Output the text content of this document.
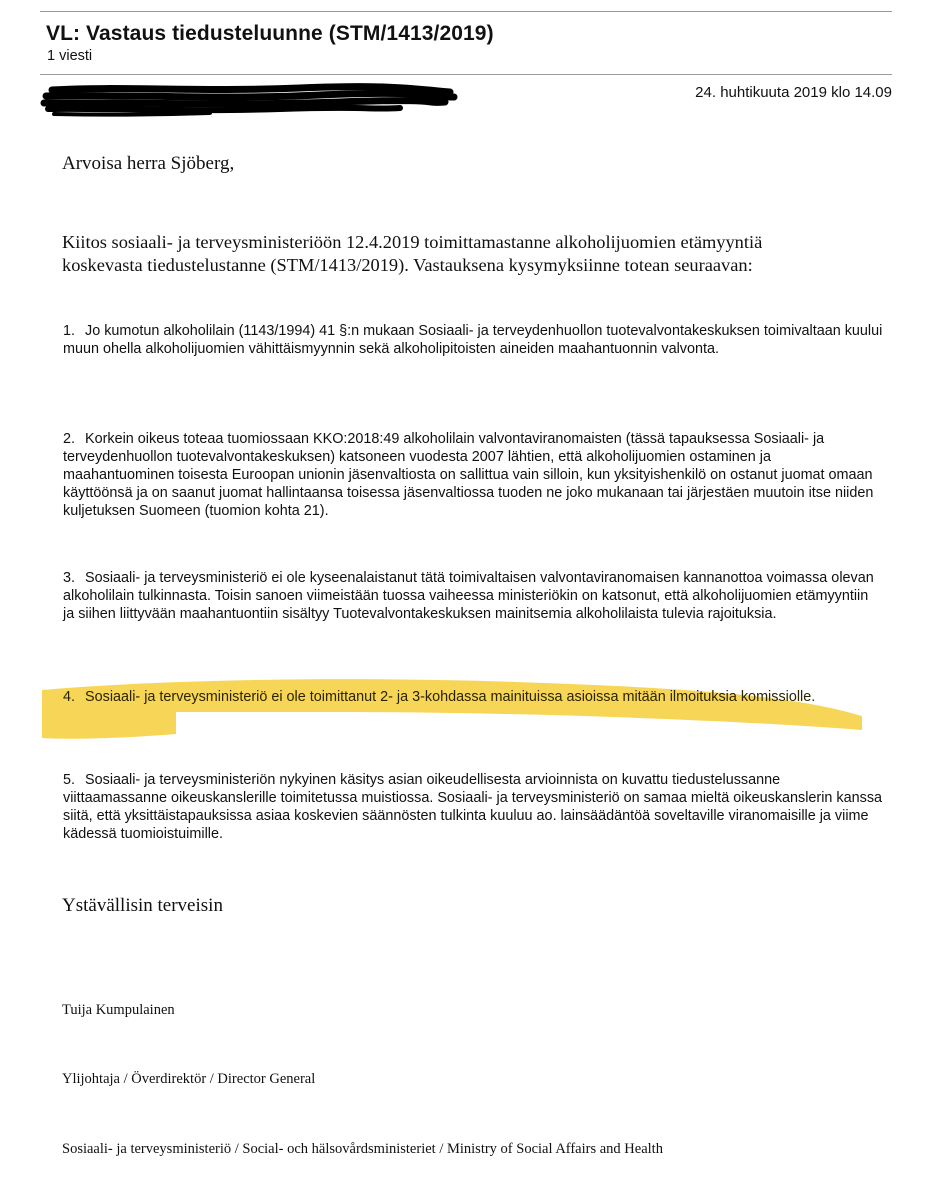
VL: Vastaus tiedusteluunne (STM/1413/2019)
1 viesti
24. huhtikuuta 2019 klo 14.09
Arvoisa herra Sjöberg,

Kiitos sosiaali- ja terveysministeriöön 12.4.2019 toimittamastanne alkoholijuomien etämyyntiä koskevasta tiedustelustanne (STM/1413/2019). Vastauksena kysymyksiinne totean seuraavan:

1. Jo kumotun alkoholilain (1143/1994) 41 §:n mukaan Sosiaali- ja terveydenhuollon tuotevalvontakeskuksen toimivaltaan kuului muun ohella alkoholijuomien vähittäismyynnin sekä alkoholipitoisten aineiden maahantuonnin valvonta.

2. Korkein oikeus toteaa tuomiossaan KKO:2018:49 alkoholilain valvontaviranomaisten (tässä tapauksessa Sosiaali- ja terveydenhuollon tuotevalvontakeskuksen) katsoneen vuodesta 2007 lähtien, että alkoholijuomien ostaminen ja maahantuominen toisesta Euroopan unionin jäsenvaltiosta on sallittua vain silloin, kun yksityishenkilö on ostanut juomat omaan käyttöönsä ja on saanut juomat hallintaansa toisessa jäsenvaltiossa tuoden ne joko mukanaan tai järjestäen muutoin itse niiden kuljetuksen Suomeen (tuomion kohta 21).

3. Sosiaali- ja terveysministeriö ei ole kyseenalaistanut tätä toimivaltaisen valvontaviranomaisen kannanottoa voimassa olevan alkoholilain tulkinnasta. Toisin sanoen viimeistään tuossa vaiheessa ministeriökin on katsonut, että alkoholijuomien etämyyntiin ja siihen liittyvään maahantuontiin sisältyy Tuotevalvontakeskuksen mainitsemia alkoholilaista tulevia rajoituksia.

4. Sosiaali- ja terveysministeriö ei ole toimittanut 2- ja 3-kohdassa mainituissa asioissa mitään ilmoituksia komissiolle.

5. Sosiaali- ja terveysministeriön nykyinen käsitys asian oikeudellisesta arvioinnista on kuvattu tiedustelussanne viittaamassanne oikeuskanslerille toimitetussa muistiossa. Sosiaali- ja terveysministeriö on samaa mieltä oikeuskanslerin kanssa siitä, että yksittäistapauksissa asiaa koskevien säännösten tulkinta kuuluu ao. lainsäädäntöä soveltaville viranomaisille ja viime kädessä tuomioistuimille.

Ystävällisin terveisin
Tuija Kumpulainen
Ylijohtaja / Överdirektör / Director General
Sosiaali- ja terveysministeriö / Social- och hälsovårdsministeriet / Ministry of Social Affairs and Health
